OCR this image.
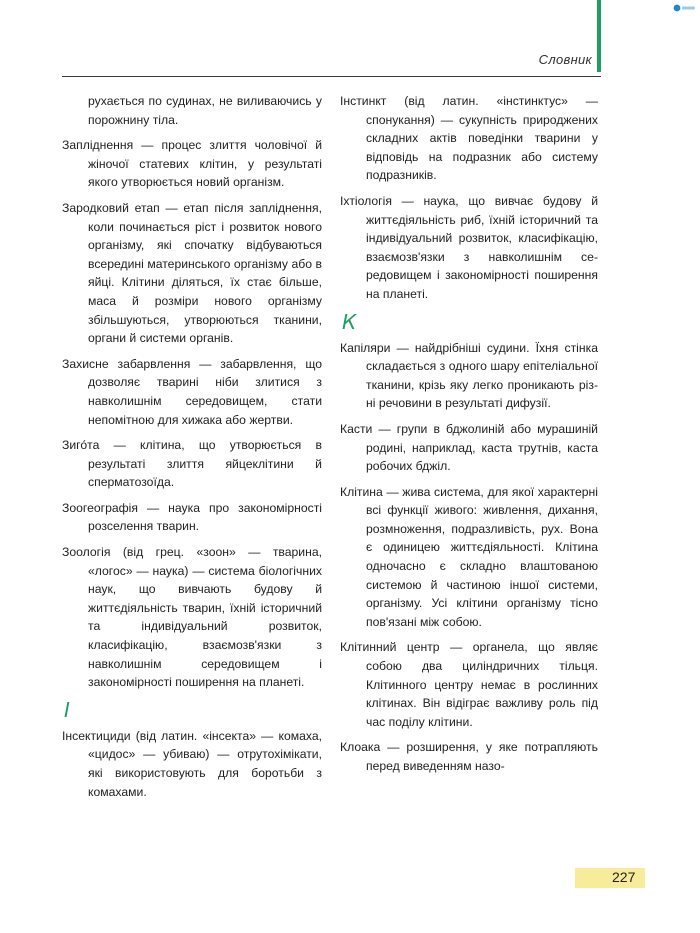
Словник

рухається по судинах, не виливаючись у порожнину тіла.

Запліднення — процес злиття чоловічої й жіночої статевих клітин, у результаті якого утворюється новий організм.

Зародковий етап — етап після запліднення, коли починається ріст і розвиток нового організму, які спочатку відбуваються всередині материнського організму або в яйці. Клітини діляться, їх стає більше, маса й розміри нового організму збільшуються, утворюються тканини, органи й системи органів.

Захисне забарвлення — забарвлення, що дозволяє тварині ніби злитися з навколишнім середовищем, стати непомітною для хижака або жертви.

Зиго́та — клітина, що утворюється в результаті злиття яйцеклітини й сперматозоїда.

Зоогеографія — наука про закономірності розселення тварин.

Зоологія (від грец. «зоон» — тварина, «логос» — наука) — система біологічних наук, що вивчають будову й життєдіяльність тварин, їхній історичний та індивідуальний розвиток, класифікацію, взаємозв'язки з навколишнім середовищем і закономірності поширення на планеті.

І

Інсектициди (від латин. «інсекта» — комаха, «цидос» — убиваю) — отрутохімікати, які використовують для боротьби з комахами.

Інстинкт (від латин. «інстинктус» — спонукання) — сукупність природжених складних актів поведінки тварини у відповідь на подразник або систему подразників.

Іхтіологія — наука, що вивчає будову й життєдіяльність риб, їхній історичний та індивідуальний розвиток, класифікацію, взаємозв'язки з навколишнім середовищем і закономірності поширення на планеті.

К

Капіляри — найдрібніші судини. Їхня стінка складається з одного шару епітеліальної тканини, крізь яку легко проникають різні речовини в результаті дифузії.

Касти — групи в бджолиній або мурашиній родині, наприклад, каста трутнів, каста робочих бджіл.

Клітина — жива система, для якої характерні всі функції живого: живлення, дихання, розмноження, подразливість, рух. Вона є одиницею життєдіяльності. Клітина одночасно є складно влаштованою системою й частиною іншої системи, організму. Усі клітини організму тісно пов'язані між собою.

Клітинний центр — органела, що являє собою два циліндричних тільця. Клітинного центру немає в рослинних клітинах. Він відіграє важливу роль під час поділу клітини.

Клоака — розширення, у яке потрапляють перед виведенням назо-

227
